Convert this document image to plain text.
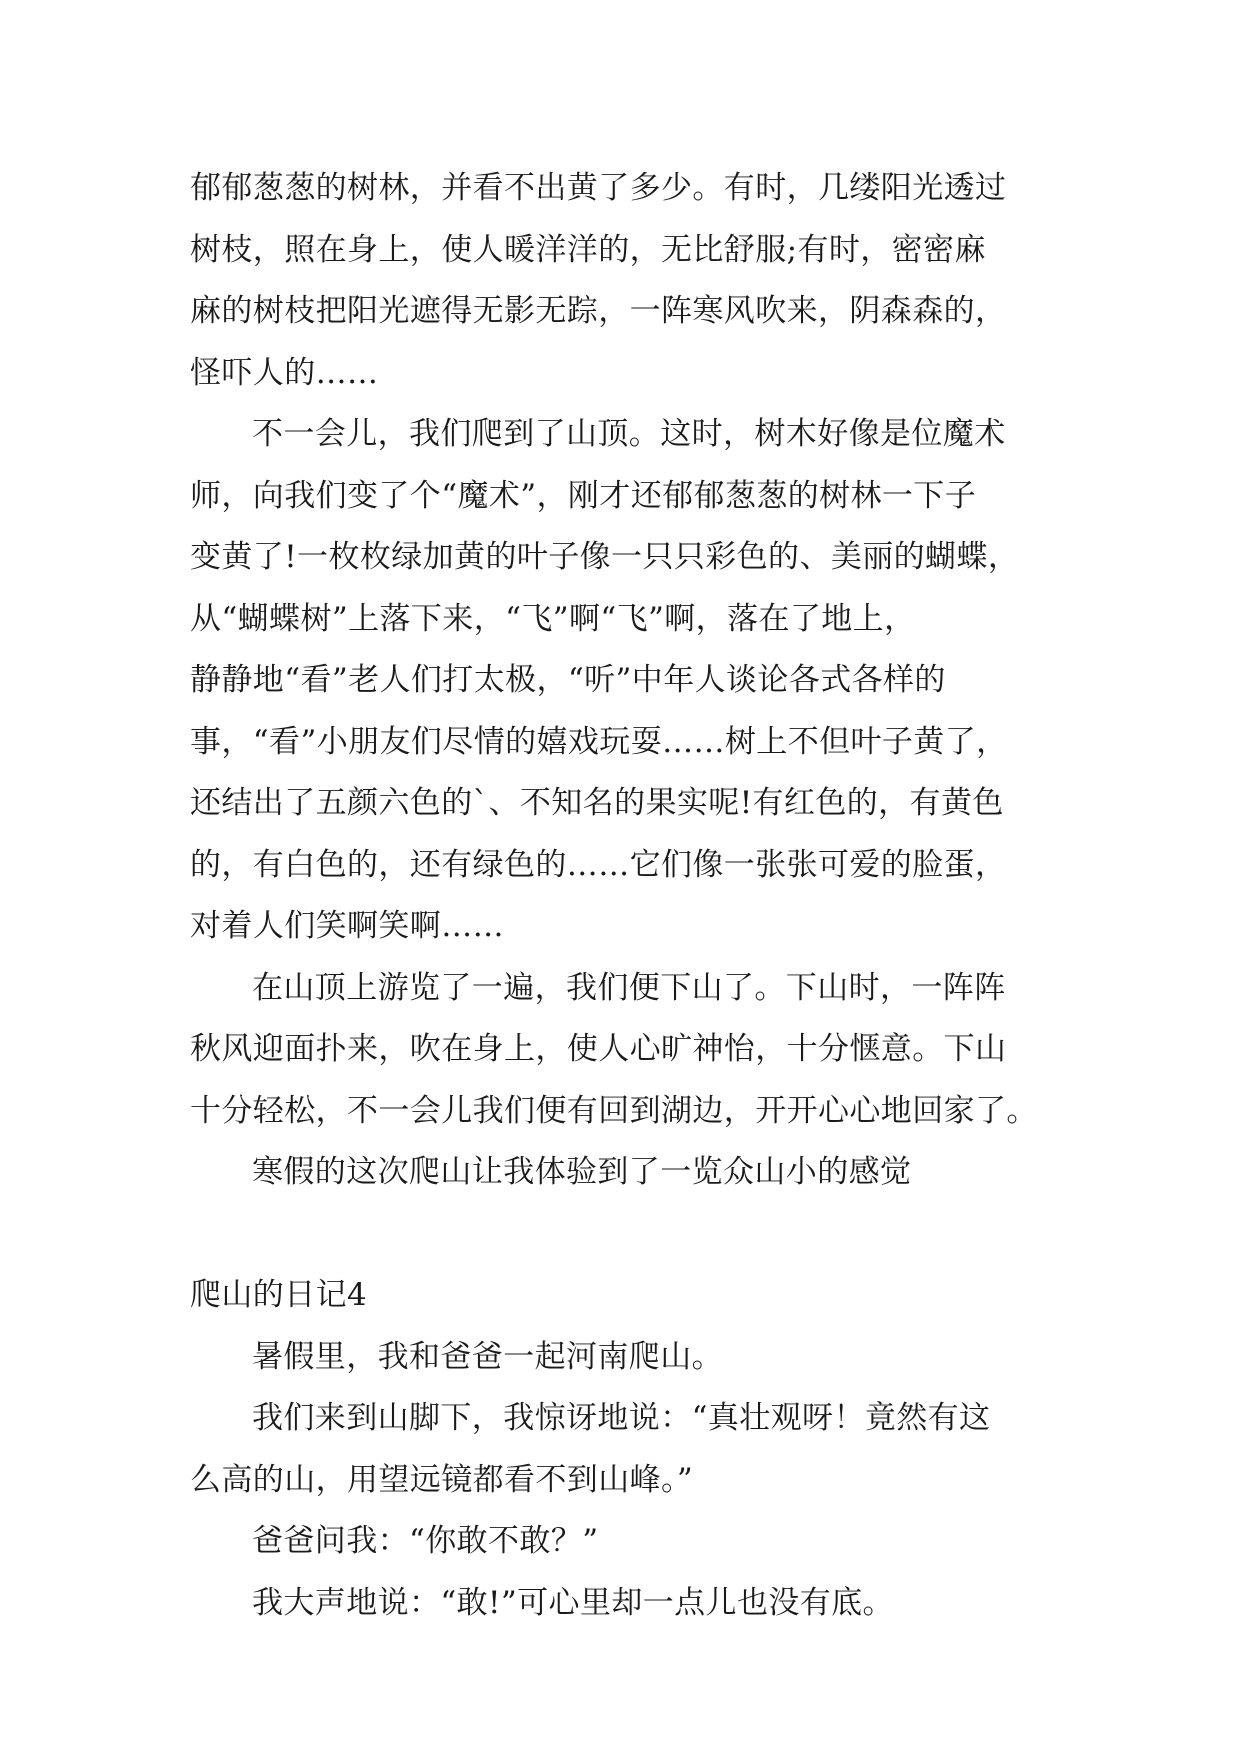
郁郁葱葱的树林，并看不出黄了多少。有时，几缕阳光透过
树枝，照在身上，使人暖洋洋的，无比舒服;有时，密密麻
麻的树枝把阳光遮得无影无踪，一阵寒风吹来，阴森森的，
怪吓人的……

不一会儿，我们爬到了山顶。这时，树木好像是位魔术
师，向我们变了个“魔术”，刚才还郁郁葱葱的树林一下子
变黄了!一枚枚绿加黄的叶子像一只只彩色的、美丽的蝴蝶，
从“蝴蝶树”上落下来，“飞”啊“飞”啊，落在了地上，
静静地“看”老人们打太极，“听”中年人谈论各式各样的
事，“看”小朋友们尽情的嬉戏玩耍……树上不但叶子黄了，
还结出了五颜六色的`、不知名的果实呢!有红色的，有黄色
的，有白色的，还有绿色的……它们像一张张可爱的脸蛋，
对着人们笑啊笑啊……

在山顶上游览了一遍，我们便下山了。下山时，一阵阵
秋风迎面扑来，吹在身上，使人心旷神怡，十分惬意。下山
十分轻松，不一会儿我们便有回到湖边，开开心心地回家了。

寒假的这次爬山让我体验到了一览众山小的感觉

爬山的日记4

暑假里，我和爸爸一起河南爬山。

我们来到山脚下，我惊讶地说：“真壮观呀！竟然有这
么高的山，用望远镜都看不到山峰。”

爸爸问我：“你敢不敢？”

我大声地说：“敢!”可心里却一点儿也没有底。
